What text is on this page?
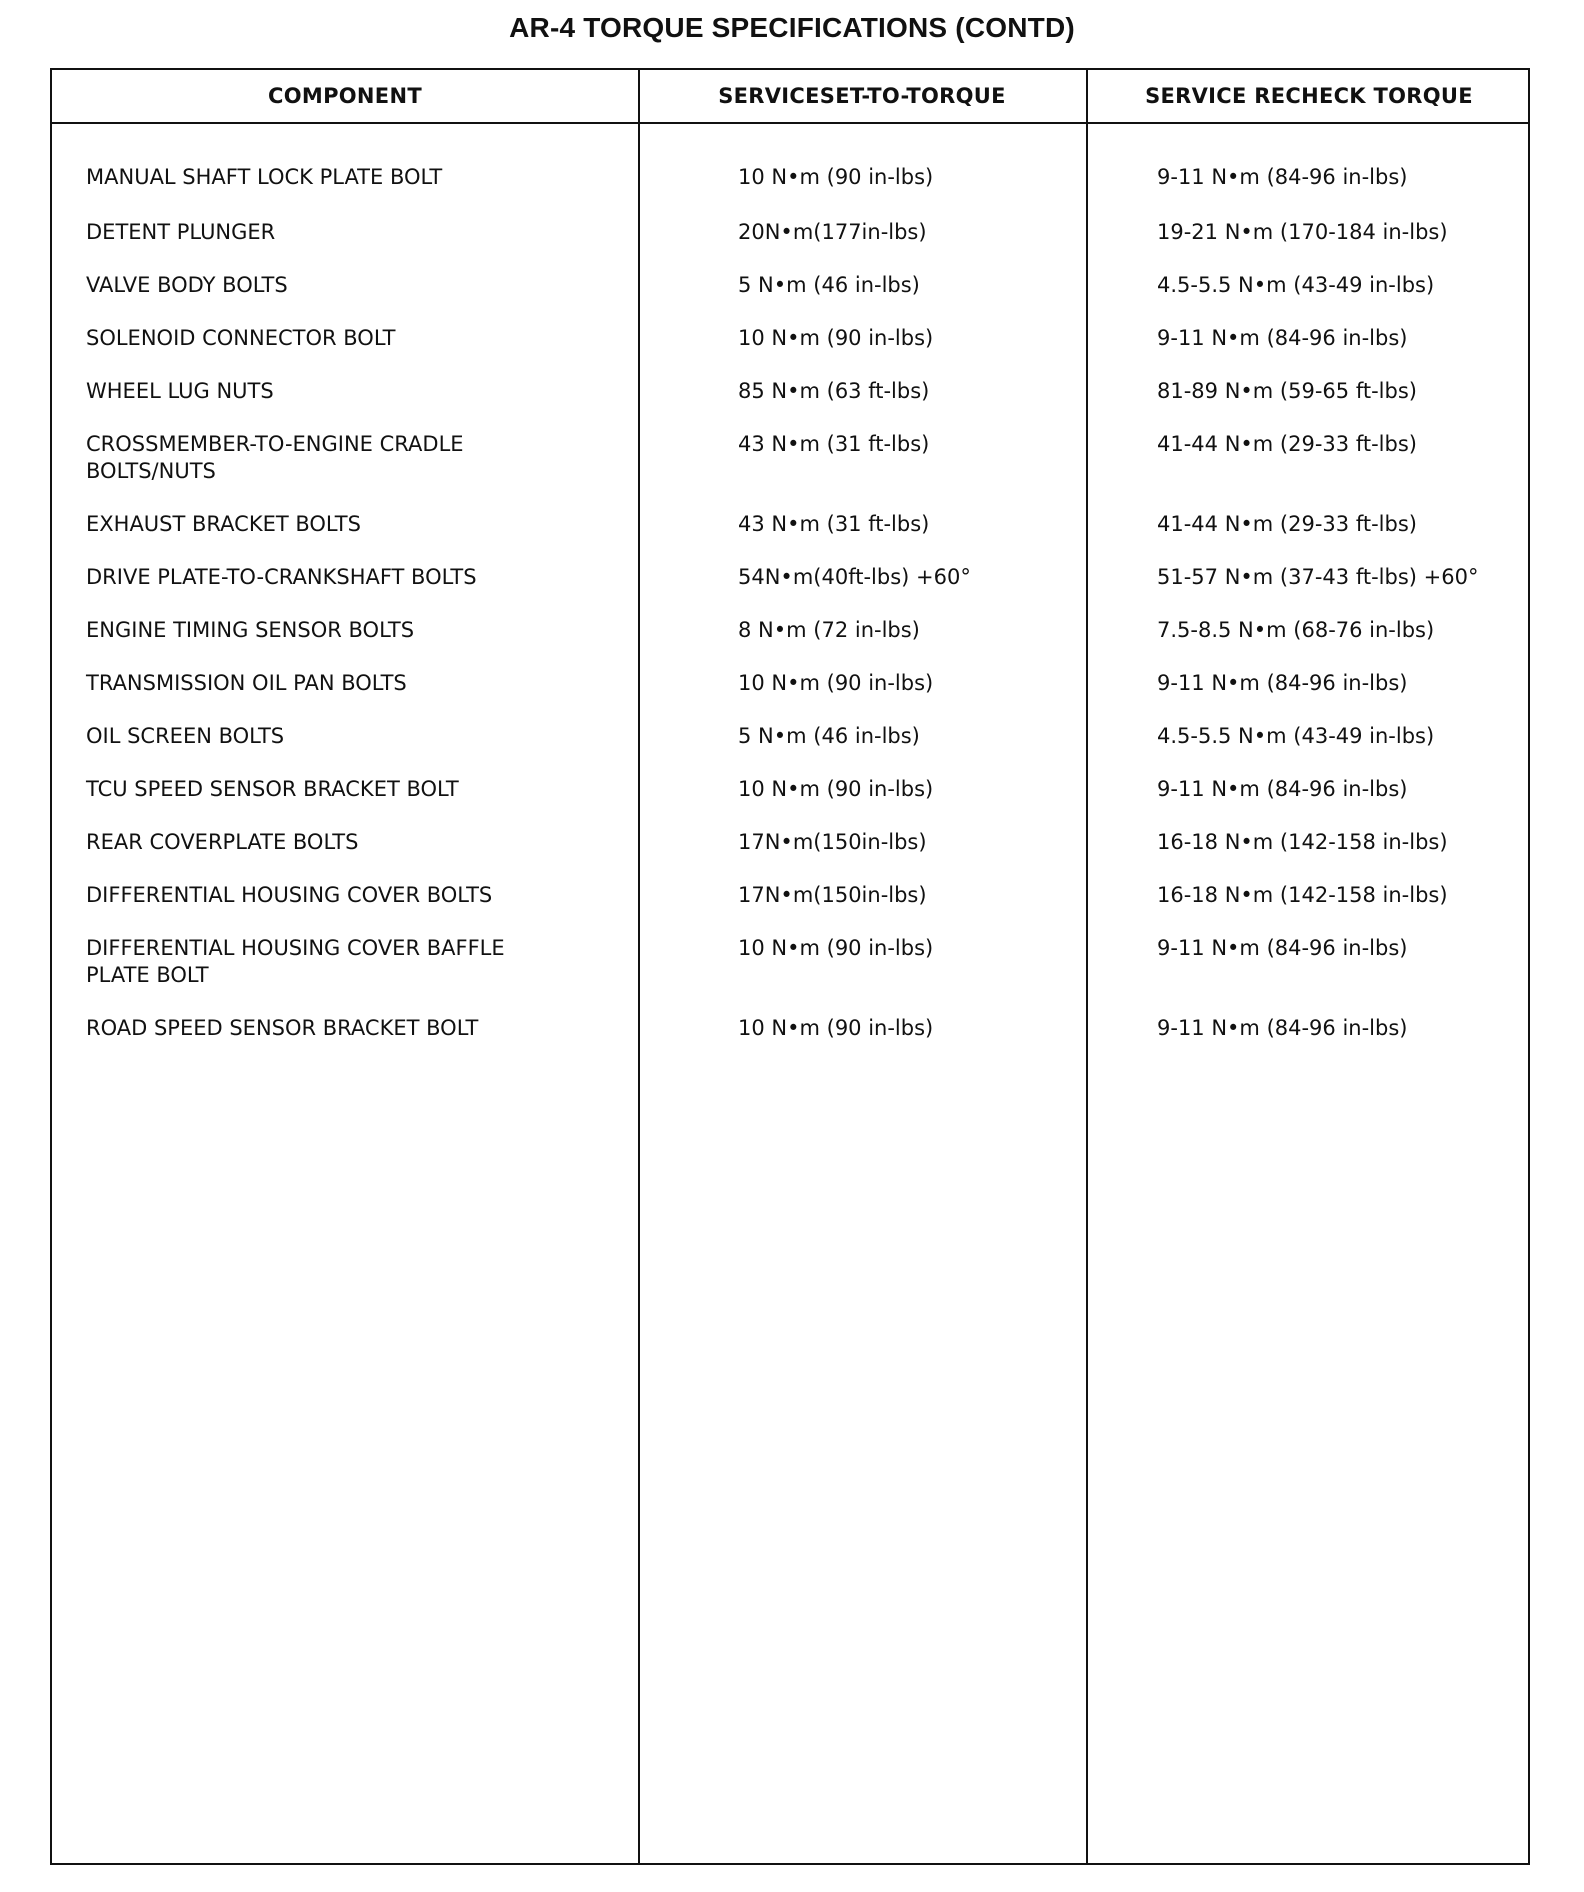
AR-4 TORQUE SPECIFICATIONS (CONTD)
COMPONENT	SERVICESET-TO-TORQUE	SERVICE RECHECK TORQUE
MANUAL SHAFT LOCK PLATE BOLT	10 N•m (90 in-lbs)	9-11 N•m (84-96 in-lbs)
DETENT PLUNGER	20N•m(177in-lbs)	19-21 N•m (170-184 in-lbs)
VALVE BODY BOLTS	5 N•m (46 in-lbs)	4.5-5.5 N•m (43-49 in-lbs)
SOLENOID CONNECTOR BOLT	10 N•m (90 in-lbs)	9-11 N•m (84-96 in-lbs)
WHEEL LUG NUTS	85 N•m (63 ft-lbs)	81-89 N•m (59-65 ft-lbs)
CROSSMEMBER-TO-ENGINE CRADLE
BOLTS/NUTS
43 N•m (31 ft-lbs)	41-44 N•m (29-33 ft-lbs)
EXHAUST BRACKET BOLTS	43 N•m (31 ft-lbs)	41-44 N•m (29-33 ft-lbs)
DRIVE PLATE-TO-CRANKSHAFT BOLTS	54N•m(40ft-lbs) +60°	51-57 N•m (37-43 ft-lbs) +60°
ENGINE TIMING SENSOR BOLTS	8 N•m (72 in-lbs)	7.5-8.5 N•m (68-76 in-lbs)
TRANSMISSION OIL PAN BOLTS	10 N•m (90 in-lbs)	9-11 N•m (84-96 in-lbs)
OIL SCREEN BOLTS	5 N•m (46 in-lbs)	4.5-5.5 N•m (43-49 in-lbs)
TCU SPEED SENSOR BRACKET BOLT	10 N•m (90 in-lbs)	9-11 N•m (84-96 in-lbs)
REAR COVERPLATE BOLTS	17N•m(150in-lbs)	16-18 N•m (142-158 in-lbs)
DIFFERENTIAL HOUSING COVER BOLTS	17N•m(150in-lbs)	16-18 N•m (142-158 in-lbs)
DIFFERENTIAL HOUSING COVER BAFFLE
PLATE BOLT
10 N•m (90 in-lbs)	9-11 N•m (84-96 in-lbs)
ROAD SPEED SENSOR BRACKET BOLT	10 N•m (90 in-lbs)	9-11 N•m (84-96 in-lbs)
